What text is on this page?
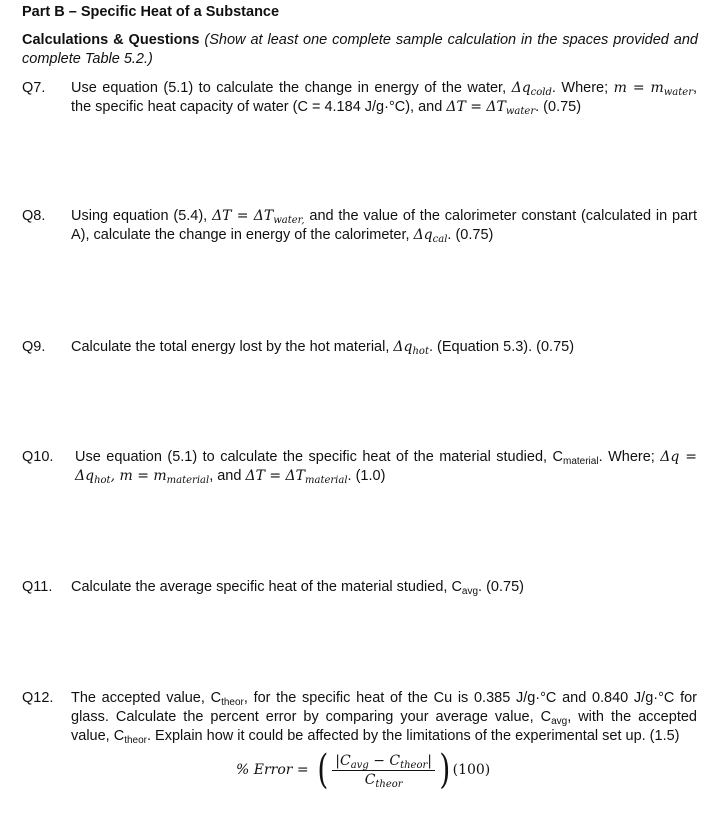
Part B – Specific Heat of a Substance
Calculations & Questions (Show at least one complete sample calculation in the spaces provided and complete Table 5.2.)
Q7. Use equation (5.1) to calculate the change in energy of the water, $\Delta q_{cold}$. Where; $m = m_{water}$, the specific heat capacity of water (C = 4.184 J/g·°C), and $\Delta T = \Delta T_{water}$. (0.75)
Q8. Using equation (5.4), $\Delta T = \Delta T_{water,}$ and the value of the calorimeter constant (calculated in part A), calculate the change in energy of the calorimeter, $\Delta q_{cal}$. (0.75)
Q9. Calculate the total energy lost by the hot material, $\Delta q_{hot}$. (Equation 5.3). (0.75)
Q10. Use equation (5.1) to calculate the specific heat of the material studied, $C_{material}$. Where; $\Delta q = \Delta q_{hot}$, $m = m_{material}$, and $\Delta T = \Delta T_{material}$. (1.0)
Q11. Calculate the average specific heat of the material studied, $C_{avg}$. (0.75)
Q12. The accepted value, $C_{theor}$, for the specific heat of the Cu is 0.385 J/g·°C and 0.840 J/g·°C for glass. Calculate the percent error by comparing your average value, $C_{avg}$, with the accepted value, $C_{theor}$. Explain how it could be affected by the limitations of the experimental set up. (1.5)
% Error = ( $\frac{|C_{avg} - C_{theor}|}{C_{theor}}$ ) (100)
